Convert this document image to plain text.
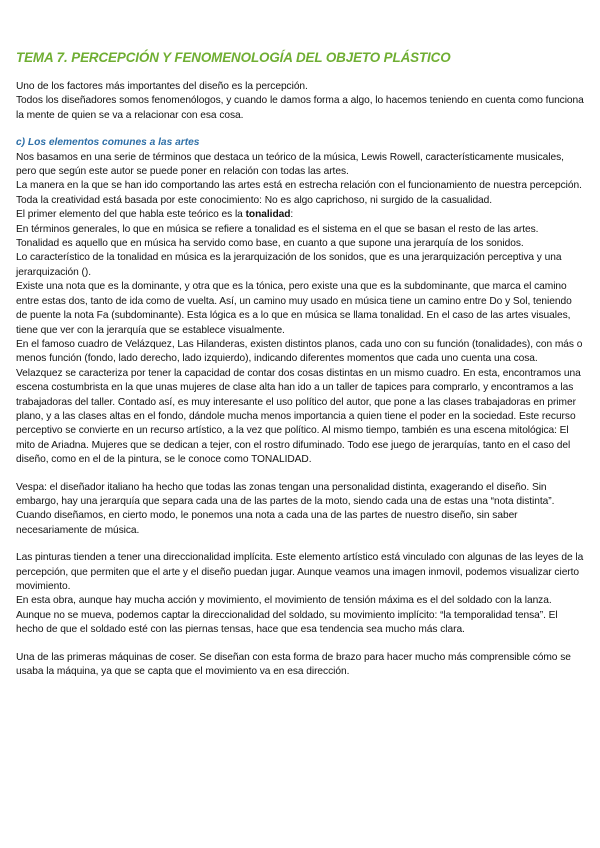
TEMA 7. PERCEPCIÓN Y FENOMENOLOGÍA DEL OBJETO PLÁSTICO

Uno de los factores más importantes del diseño es la percepción.

Todos los diseñadores somos fenomenólogos, y cuando le damos forma a algo, lo hacemos teniendo en cuenta como funciona la mente de quien se va a relacionar con esa cosa.

c) Los elementos comunes a las artes

Nos basamos en una serie de términos que destaca un teórico de la música, Lewis Rowell, característicamente musicales, pero que según este autor se puede poner en relación con todas las artes.

La manera en la que se han ido comportando las artes está en estrecha relación con el funcionamiento de nuestra percepción. Toda la creatividad está basada por este conocimiento: No es algo caprichoso, ni surgido de la casualidad.

El primer elemento del que habla este teórico es la tonalidad:

En términos generales, lo que en música se refiere a tonalidad es el sistema en el que se basan el resto de las artes.

Tonalidad es aquello que en música ha servido como base, en cuanto a que supone una jerarquía de los sonidos.

Lo característico de la tonalidad en música es la jerarquización de los sonidos, que es una jerarquización perceptiva y una jerarquización ().

Existe una nota que es la dominante, y otra que es la tónica, pero existe una que es la subdominante, que marca el camino entre estas dos, tanto de ida como de vuelta. Así, un camino muy usado en música tiene un camino entre Do y Sol, teniendo de puente la nota Fa (subdominante). Esta lógica es a lo que en música se llama tonalidad. En el caso de las artes visuales, tiene que ver con la jerarquía que se establece visualmente.

En el famoso cuadro de Velázquez, Las Hilanderas, existen distintos planos, cada uno con su función (tonalidades), con más o menos función (fondo, lado derecho, lado izquierdo), indicando diferentes momentos que cada uno cuenta una cosa. Velazquez se caracteriza por tener la capacidad de contar dos cosas distintas en un mismo cuadro. En esta, encontramos una escena costumbrista en la que unas mujeres de clase alta han ido a un taller de tapices para comprarlo, y encontramos a las trabajadoras del taller. Contado así, es muy interesante el uso político del autor, que pone a las clases trabajadoras en primer plano, y a las clases altas en el fondo, dándole mucha menos importancia a quien tiene el poder en la sociedad. Este recurso perceptivo se convierte en un recurso artístico, a la vez que político. Al mismo tiempo, también es una escena mitológica: El mito de Ariadna. Mujeres que se dedican a tejer, con el rostro difuminado. Todo ese juego de jerarquías, tanto en el caso del diseño, como en el de la pintura, se le conoce como TONALIDAD.

Vespa: el diseñador italiano ha hecho que todas las zonas tengan una personalidad distinta, exagerando el diseño. Sin embargo, hay una jerarquía que separa cada una de las partes de la moto, siendo cada una de estas una “nota distinta”. Cuando diseñamos, en cierto modo, le ponemos una nota a cada una de las partes de nuestro diseño, sin saber necesariamente de música.

Las pinturas tienden a tener una direccionalidad implícita. Este elemento artístico está vinculado con algunas de las leyes de la percepción, que permiten que el arte y el diseño puedan jugar. Aunque veamos una imagen inmovil, podemos visualizar cierto movimiento.

En esta obra, aunque hay mucha acción y movimiento, el movimiento de tensión máxima es el del soldado con la lanza. Aunque no se mueva, podemos captar la direccionalidad del soldado, su movimiento implícito: “la temporalidad tensa”. El hecho de que el soldado esté con las piernas tensas, hace que esa tendencia sea mucho más clara.

Una de las primeras máquinas de coser. Se diseñan con esta forma de brazo para hacer mucho más comprensible cómo se usaba la máquina, ya que se capta que el movimiento va en esa dirección.
